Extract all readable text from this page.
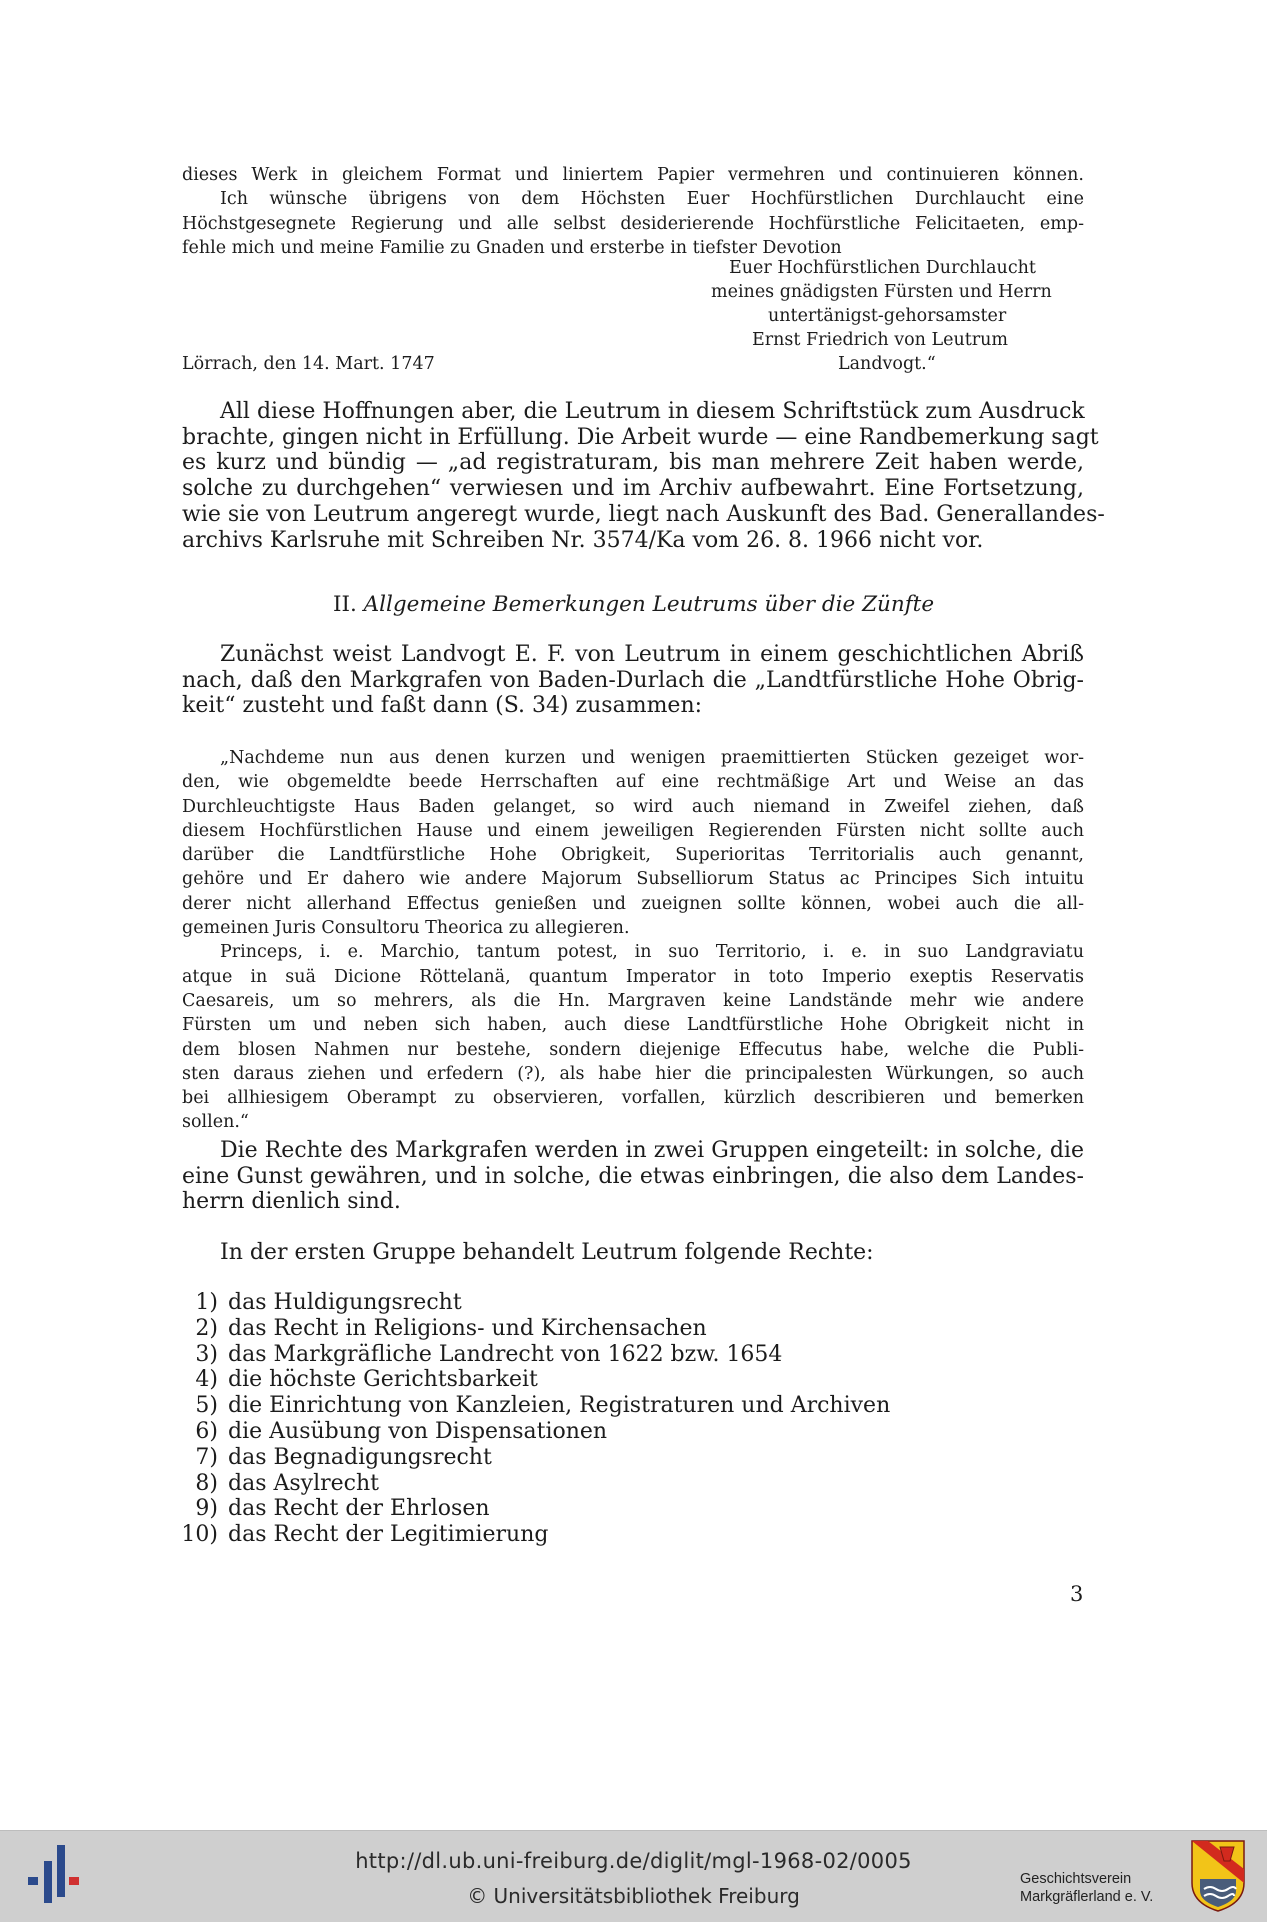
dieses Werk in gleichem Format und liniertem Papier vermehren und continuieren können.
Ich wünsche übrigens von dem Höchsten Euer Hochfürstlichen Durchlaucht eine
Höchstgesegnete Regierung und alle selbst desiderierende Hochfürstliche Felicitaeten, emp-
fehle mich und meine Familie zu Gnaden und ersterbe in tiefster Devotion
Euer Hochfürstlichen Durchlaucht
meines gnädigsten Fürsten und Herrn
untertänigst-gehorsamster
Ernst Friedrich von Leutrum
Lörrach, den 14. Mart. 1747	Landvogt.“
All diese Hoffnungen aber, die Leutrum in diesem Schriftstück zum Ausdruck
brachte, gingen nicht in Erfüllung. Die Arbeit wurde — eine Randbemerkung sagt
es kurz und bündig — „ad registraturam, bis man mehrere Zeit haben werde,
solche zu durchgehen“ verwiesen und im Archiv aufbewahrt. Eine Fortsetzung,
wie sie von Leutrum angeregt wurde, liegt nach Auskunft des Bad. Generallandes-
archivs Karlsruhe mit Schreiben Nr. 3574/Ka vom 26. 8. 1966 nicht vor.
II. Allgemeine Bemerkungen Leutrums über die Zünfte
Zunächst weist Landvogt E. F. von Leutrum in einem geschichtlichen Abriß
nach, daß den Markgrafen von Baden-Durlach die „Landtfürstliche Hohe Obrig-
keit“ zusteht und faßt dann (S. 34) zusammen:
„Nachdeme nun aus denen kurzen und wenigen praemittierten Stücken gezeiget wor-
den, wie obgemeldte beede Herrschaften auf eine rechtmäßige Art und Weise an das
Durchleuchtigste Haus Baden gelanget, so wird auch niemand in Zweifel ziehen, daß
diesem Hochfürstlichen Hause und einem jeweiligen Regierenden Fürsten nicht sollte auch
darüber die Landtfürstliche Hohe Obrigkeit, Superioritas Territorialis auch genannt,
gehöre und Er dahero wie andere Majorum Subselliorum Status ac Principes Sich intuitu
derer nicht allerhand Effectus genießen und zueignen sollte können, wobei auch die all-
gemeinen Juris Consultoru Theorica zu allegieren.
Princeps, i. e. Marchio, tantum potest, in suo Territorio, i. e. in suo Landgraviatu
atque in suä Dicione Röttelanä, quantum Imperator in toto Imperio exeptis Reservatis
Caesareis, um so mehrers, als die Hn. Margraven keine Landstände mehr wie andere
Fürsten um und neben sich haben, auch diese Landtfürstliche Hohe Obrigkeit nicht in
dem blosen Nahmen nur bestehe, sondern diejenige Effecutus habe, welche die Publi-
sten daraus ziehen und erfedern (?), als habe hier die principalesten Würkungen, so auch
bei allhiesigem Oberampt zu observieren, vorfallen, kürzlich describieren und bemerken
sollen.“
Die Rechte des Markgrafen werden in zwei Gruppen eingeteilt: in solche, die
eine Gunst gewähren, und in solche, die etwas einbringen, die also dem Landes-
herrn dienlich sind.
In der ersten Gruppe behandelt Leutrum folgende Rechte:
1) das Huldigungsrecht
2) das Recht in Religions- und Kirchensachen
3) das Markgräfliche Landrecht von 1622 bzw. 1654
4) die höchste Gerichtsbarkeit
5) die Einrichtung von Kanzleien, Registraturen und Archiven
6) die Ausübung von Dispensationen
7) das Begnadigungsrecht
8) das Asylrecht
9) das Recht der Ehrlosen
10) das Recht der Legitimierung
3
http://dl.ub.uni-freiburg.de/diglit/mgl-1968-02/0005
© Universitätsbibliothek Freiburg
Geschichtsverein
Markgräflerland e. V.
